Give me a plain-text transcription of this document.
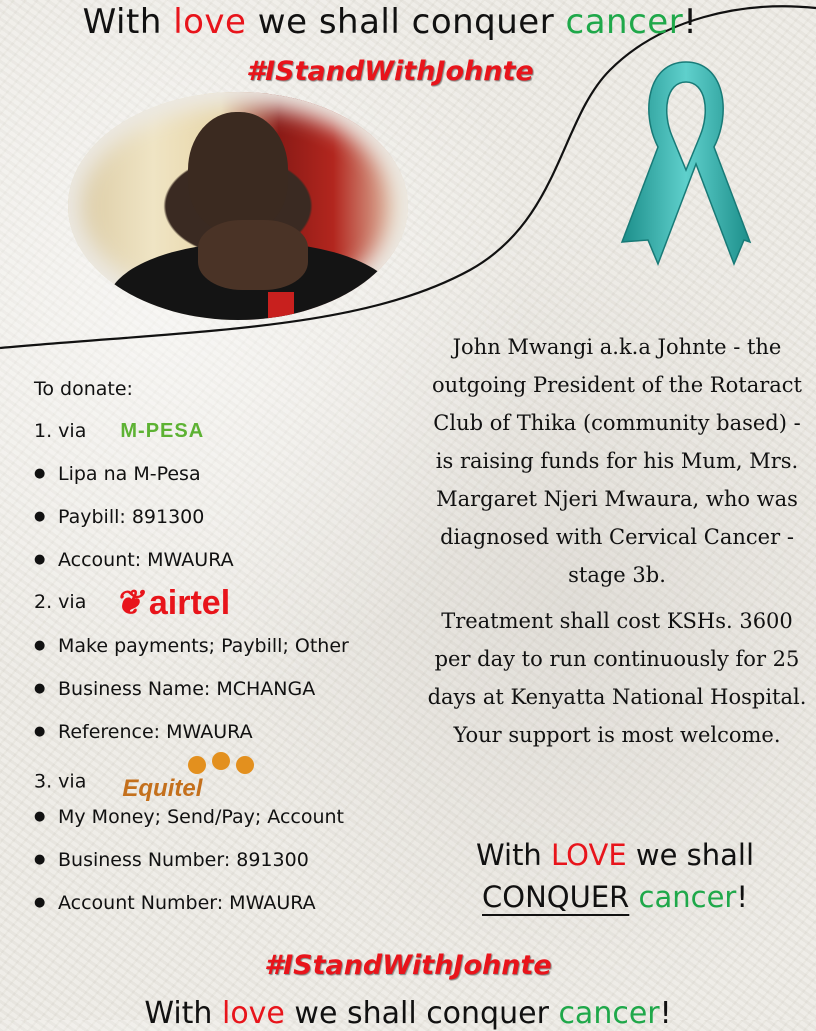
With love we shall conquer cancer!
#IStandWithJohnte
To donate:
1. via M-PESA
● Lipa na M-Pesa
● Paybill: 891300
● Account: MWAURA
2. via ❦ airtel
● Make payments; Paybill; Other
● Business Name: MCHANGA
● Reference: MWAURA
3. via Equitel
● My Money; Send/Pay; Account
● Business Number: 891300
● Account Number: MWAURA

John Mwangi a.k.a Johnte - the outgoing President of the Rotaract Club of Thika (community based) - is raising funds for his Mum, Mrs. Margaret Njeri Mwaura, who was diagnosed with Cervical Cancer - stage 3b.

Treatment shall cost KSHs. 3600 per day to run continuously for 25 days at Kenyatta National Hospital. Your support is most welcome.

With LOVE we shall
CONQUER cancer!
#IStandWithJohnte
With love we shall conquer cancer!
